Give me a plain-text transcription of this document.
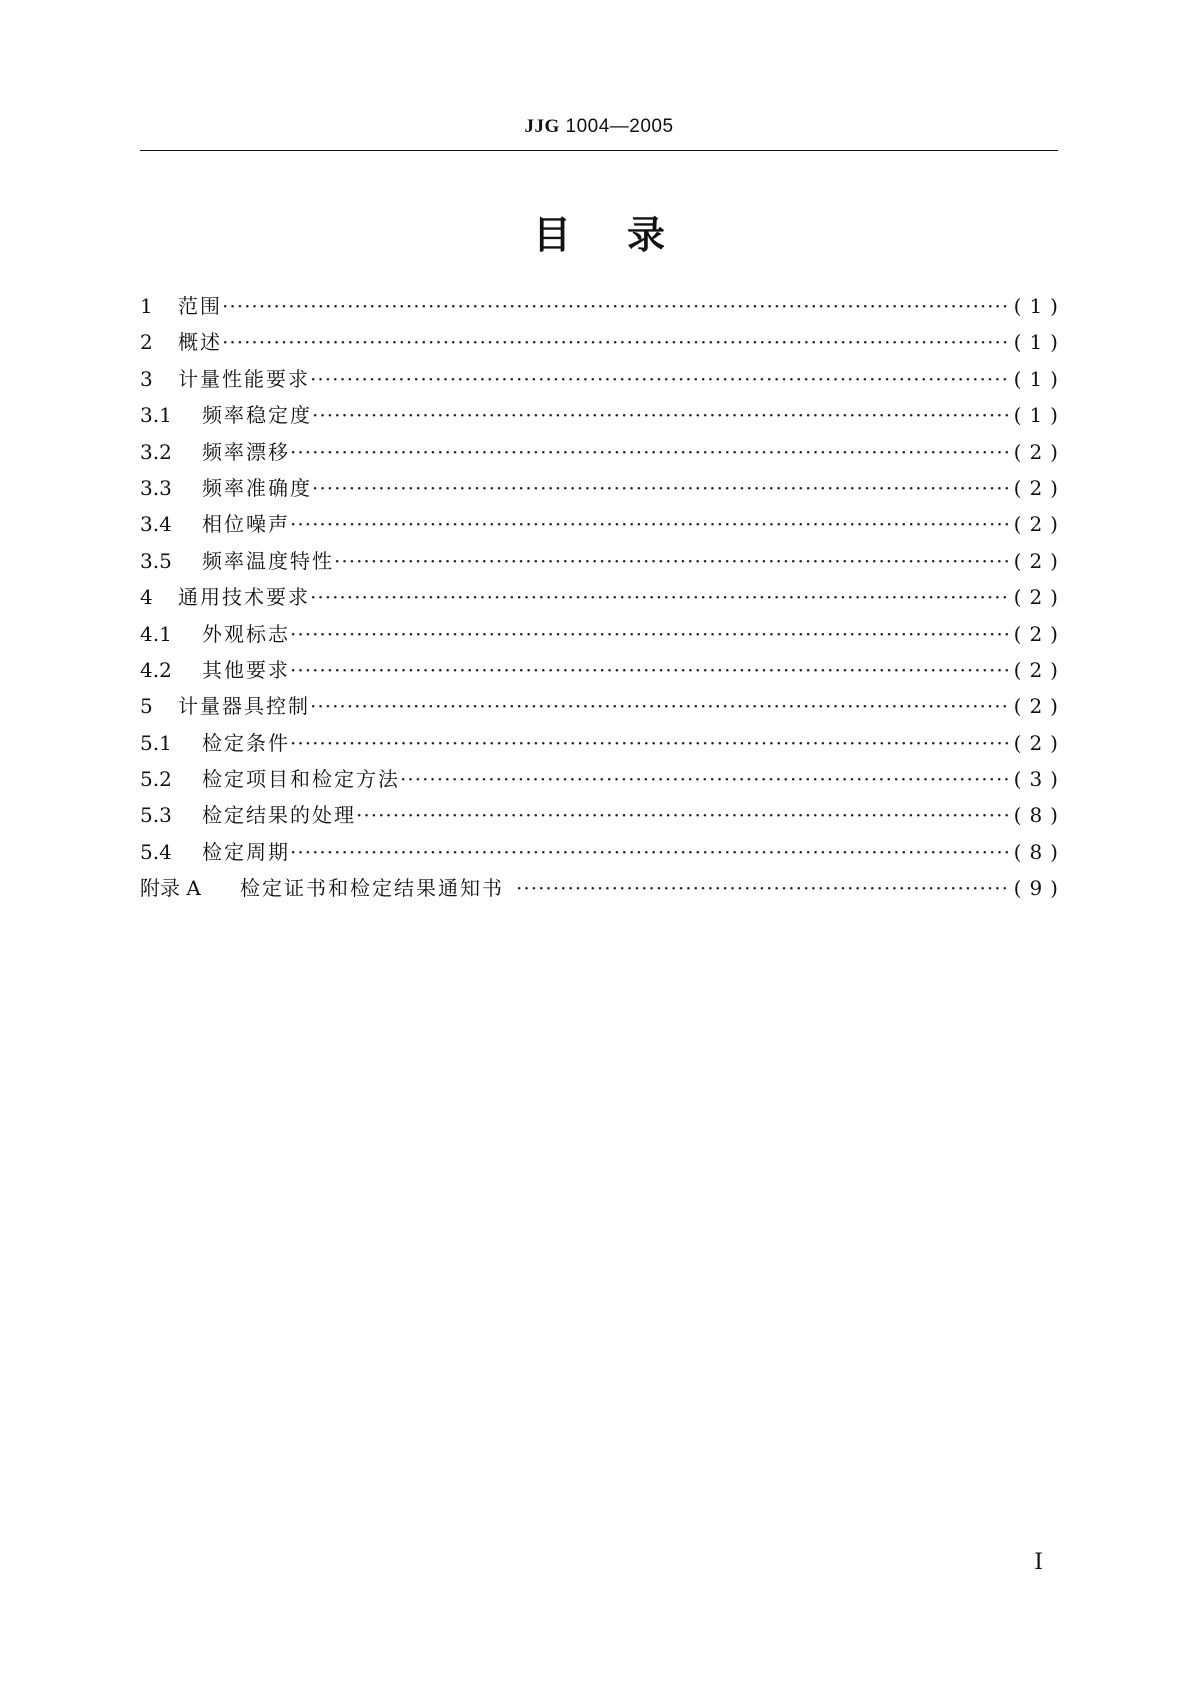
JJG 1004—2005
目录
1	范围 ·····	(1)
2	概述 ·····	(1)
3	计量性能要求 ·····	(1)
3.1	频率稳定度 ·····	(1)
3.2	频率漂移 ·····	(2)
3.3	频率准确度 ·····	(2)
3.4	相位噪声 ·····	(2)
3.5	频率温度特性 ·····	(2)
4	通用技术要求 ·····	(2)
4.1	外观标志 ·····	(2)
4.2	其他要求 ·····	(2)
5	计量器具控制 ·····	(2)
5.1	检定条件 ·····	(2)
5.2	检定项目和检定方法 ·····	(3)
5.3	检定结果的处理 ·····	(8)
5.4	检定周期 ·····	(8)
附录 A	检定证书和检定结果通知书 ·····	(9)
I
